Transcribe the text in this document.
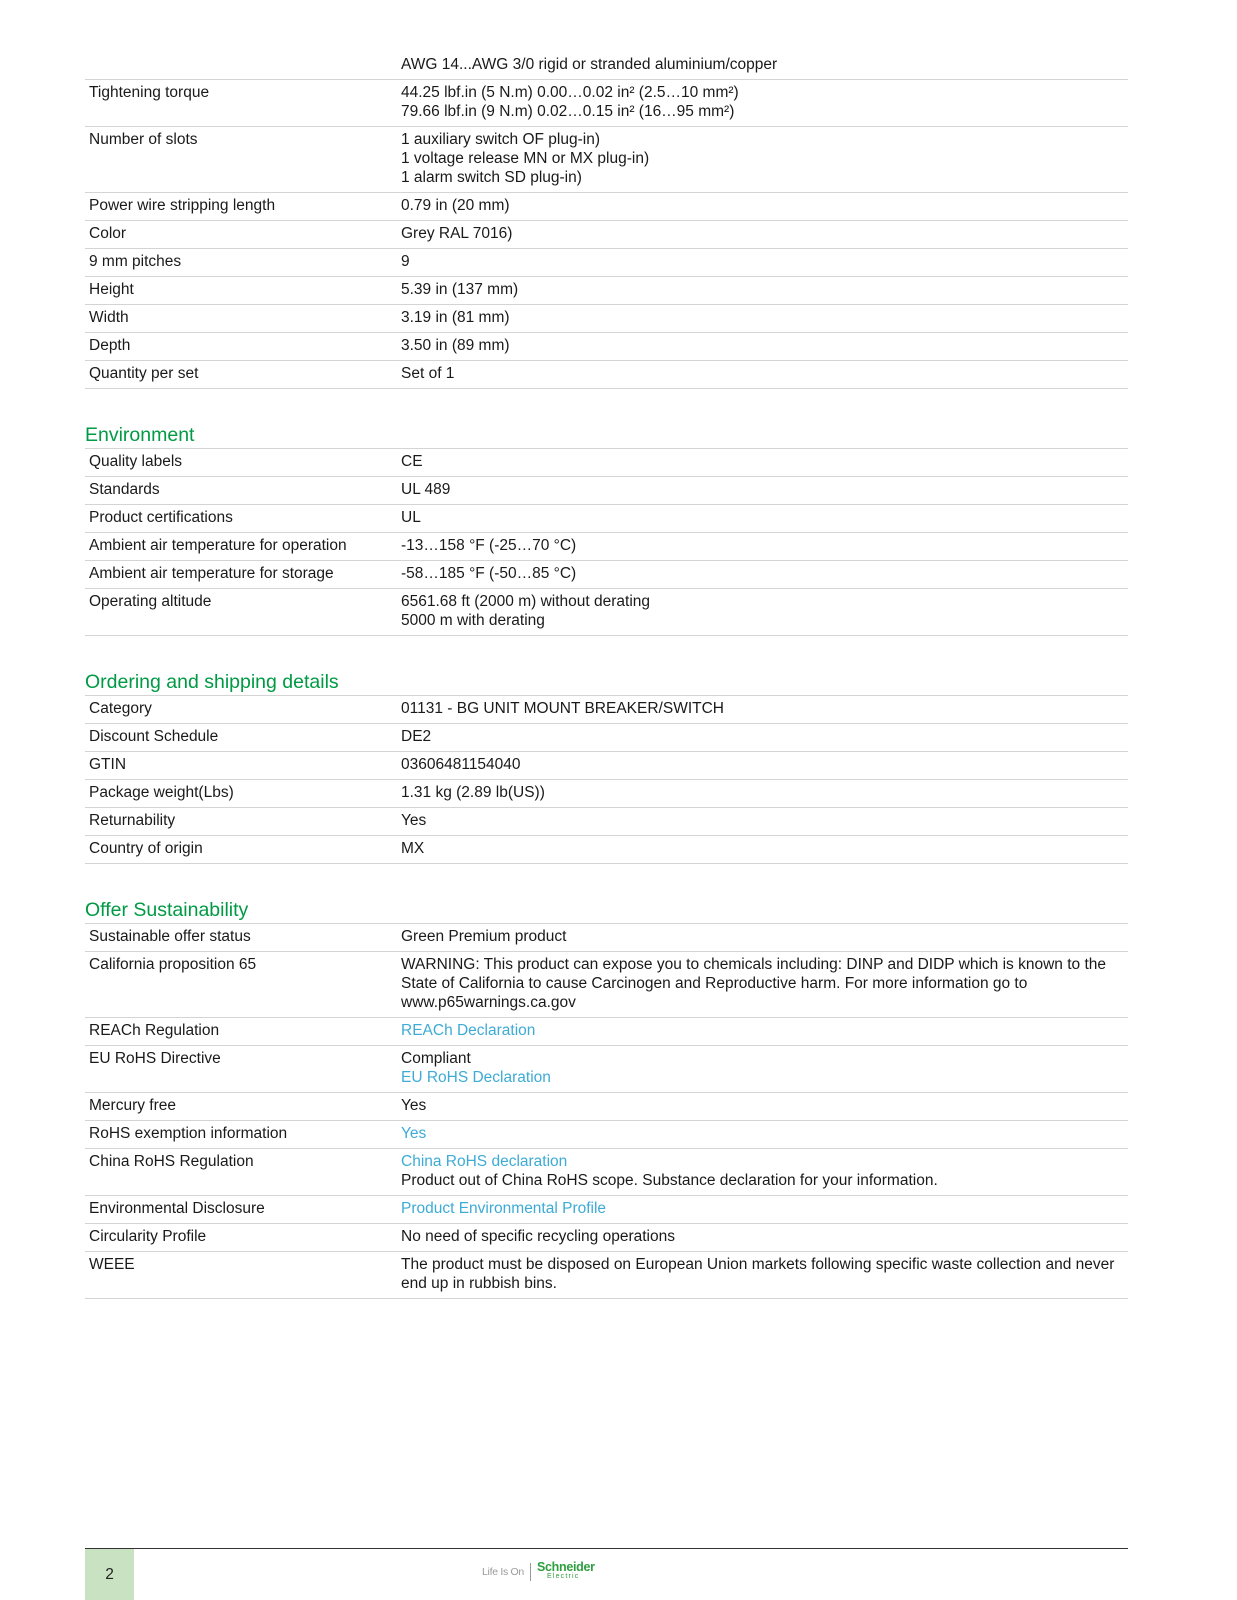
	AWG 14...AWG 3/0 rigid or stranded aluminium/copper

Tightening torque	44.25 lbf.in (5 N.m) 0.00…0.02 in² (2.5…10 mm²)
79.66 lbf.in (9 N.m) 0.02…0.15 in² (16…95 mm²)

Number of slots	1 auxiliary switch OF plug-in)
1 voltage release MN or MX plug-in)
1 alarm switch SD plug-in)

Power wire stripping length	0.79 in (20 mm)

Color	Grey RAL 7016)

9 mm pitches	9

Height	5.39 in (137 mm)

Width	3.19 in (81 mm)

Depth	3.50 in (89 mm)

Quantity per set	Set of 1
Environment
Quality labels	CE

Standards	UL 489

Product certifications	UL

Ambient air temperature for operation	-13…158 °F (-25…70 °C)

Ambient air temperature for storage	-58…185 °F (-50…85 °C)

Operating altitude	6561.68 ft (2000 m) without derating
5000 m with derating
Ordering and shipping details
Category	01131 - BG UNIT MOUNT BREAKER/SWITCH

Discount Schedule	DE2

GTIN	03606481154040

Package weight(Lbs)	1.31 kg (2.89 lb(US))

Returnability	Yes

Country of origin	MX
Offer Sustainability
Sustainable offer status	Green Premium product

California proposition 65	WARNING: This product can expose you to chemicals including: DINP and DIDP which is known to the State of California to cause Carcinogen and Reproductive harm. For more information go to www.p65warnings.ca.gov

REACh Regulation	REACh Declaration

EU RoHS Directive	Compliant
EU RoHS Declaration

Mercury free	Yes

RoHS exemption information	Yes

China RoHS Regulation	China RoHS declaration
Product out of China RoHS scope. Substance declaration for your information.

Environmental Disclosure	Product Environmental Profile

Circularity Profile	No need of specific recycling operations

WEEE	The product must be disposed on European Union markets following specific waste collection and never end up in rubbish bins.
2	Life Is On Schneider
Electric
